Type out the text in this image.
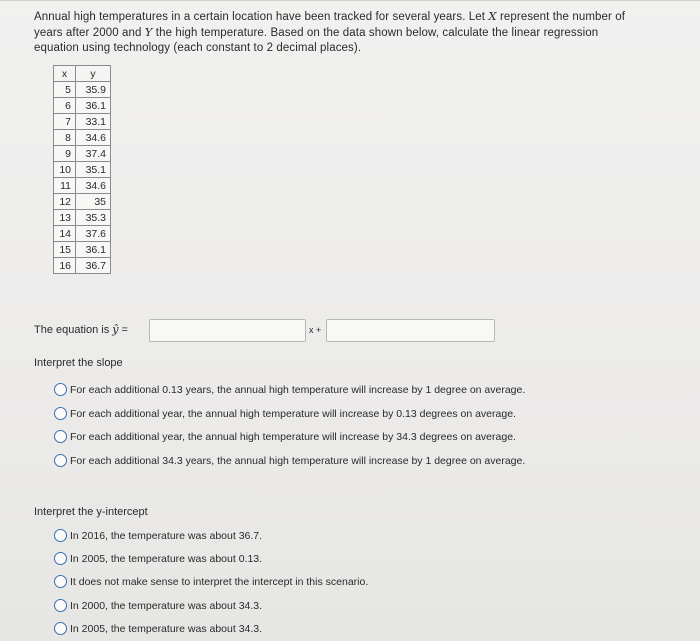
Annual high temperatures in a certain location have been tracked for several years. Let X represent the number of years after 2000 and Y the high temperature. Based on the data shown below, calculate the linear regression equation using technology (each constant to 2 decimal places).
x	y
5	35.9
6	36.1
7	33.1
8	34.6
9	37.4
10	35.1
11	34.6
12	35
13	35.3
14	37.6
15	36.1
16	36.7
The equation is ŷ =	x +
Interpret the slope
For each additional 0.13 years, the annual high temperature will increase by 1 degree on average.
For each additional year, the annual high temperature will increase by 0.13 degrees on average.
For each additional year, the annual high temperature will increase by 34.3 degrees on average.
For each additional 34.3 years, the annual high temperature will increase by 1 degree on average.
Interpret the y-intercept
In 2016, the temperature was about 36.7.
In 2005, the temperature was about 0.13.
It does not make sense to interpret the intercept in this scenario.
In 2000, the temperature was about 34.3.
In 2005, the temperature was about 34.3.
